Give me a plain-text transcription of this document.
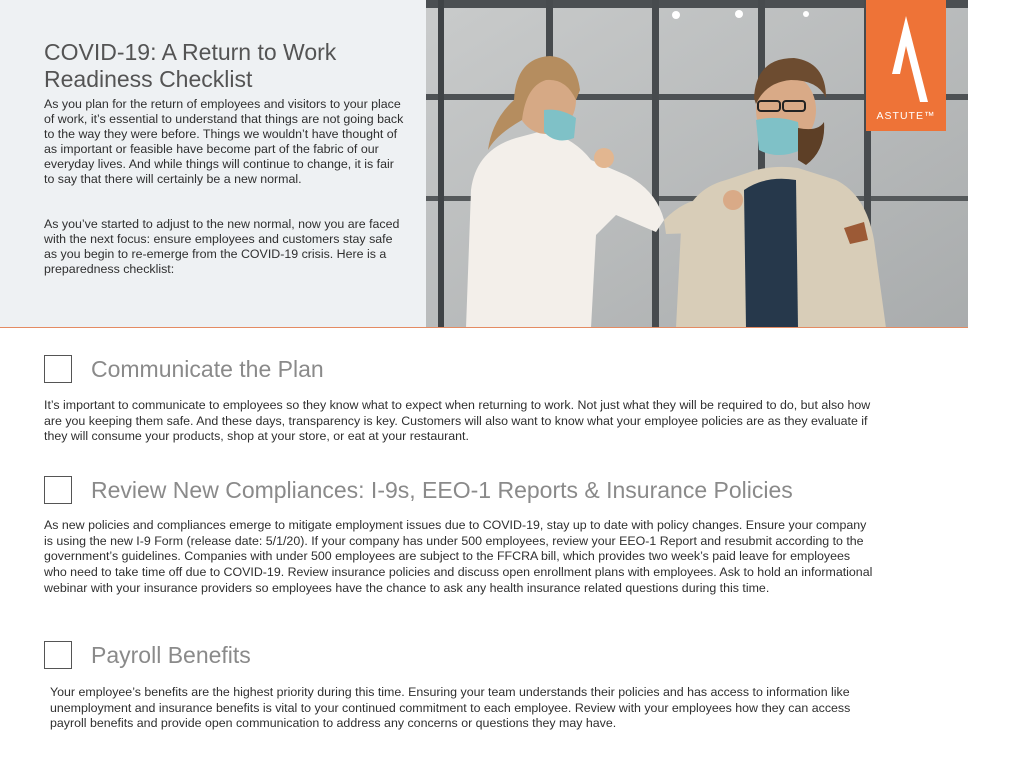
COVID-19: A Return to Work Readiness Checklist

As you plan for the return of employees and visitors to your place of work, it’s essential to understand that things are not going back to the way they were before. Things we wouldn’t have thought of as important or feasible have become part of the fabric of our everyday lives. And while things will continue to change, it is fair to say that there will certainly be a new normal.

As you’ve started to adjust to the new normal, now you are faced with the next focus: ensure employees and customers stay safe as you begin to re-emerge from the COVID-19 crisis. Here is a preparedness checklist:

ASTUTE™
Communicate the Plan

It’s important to communicate to employees so they know what to expect when returning to work. Not just what they will be required to do, but also how are you keeping them safe. And these days, transparency is key. Customers will also want to know what your employee policies are as they evaluate if they will consume your products, shop at your store, or eat at your restaurant.

Review New Compliances: I-9s, EEO-1 Reports & Insurance Policies

As new policies and compliances emerge to mitigate employment issues due to COVID-19, stay up to date with policy changes. Ensure your company is using the new I-9 Form (release date: 5/1/20). If your company has under 500 employees, review your EEO-1 Report and resubmit according to the government’s guidelines. Companies with under 500 employees are subject to the FFCRA bill, which provides two week’s paid leave for employees who need to take time off due to COVID-19. Review insurance policies and discuss open enrollment plans with employees. Ask to hold an informational webinar with your insurance providers so employees have the chance to ask any health insurance related questions during this time.

Payroll Benefits

Your employee’s benefits are the highest priority during this time. Ensuring your team understands their policies and has access to information like unemployment and insurance benefits is vital to your continued commitment to each employee. Review with your employees how they can access payroll benefits and provide open communication to address any concerns or questions they may have.
